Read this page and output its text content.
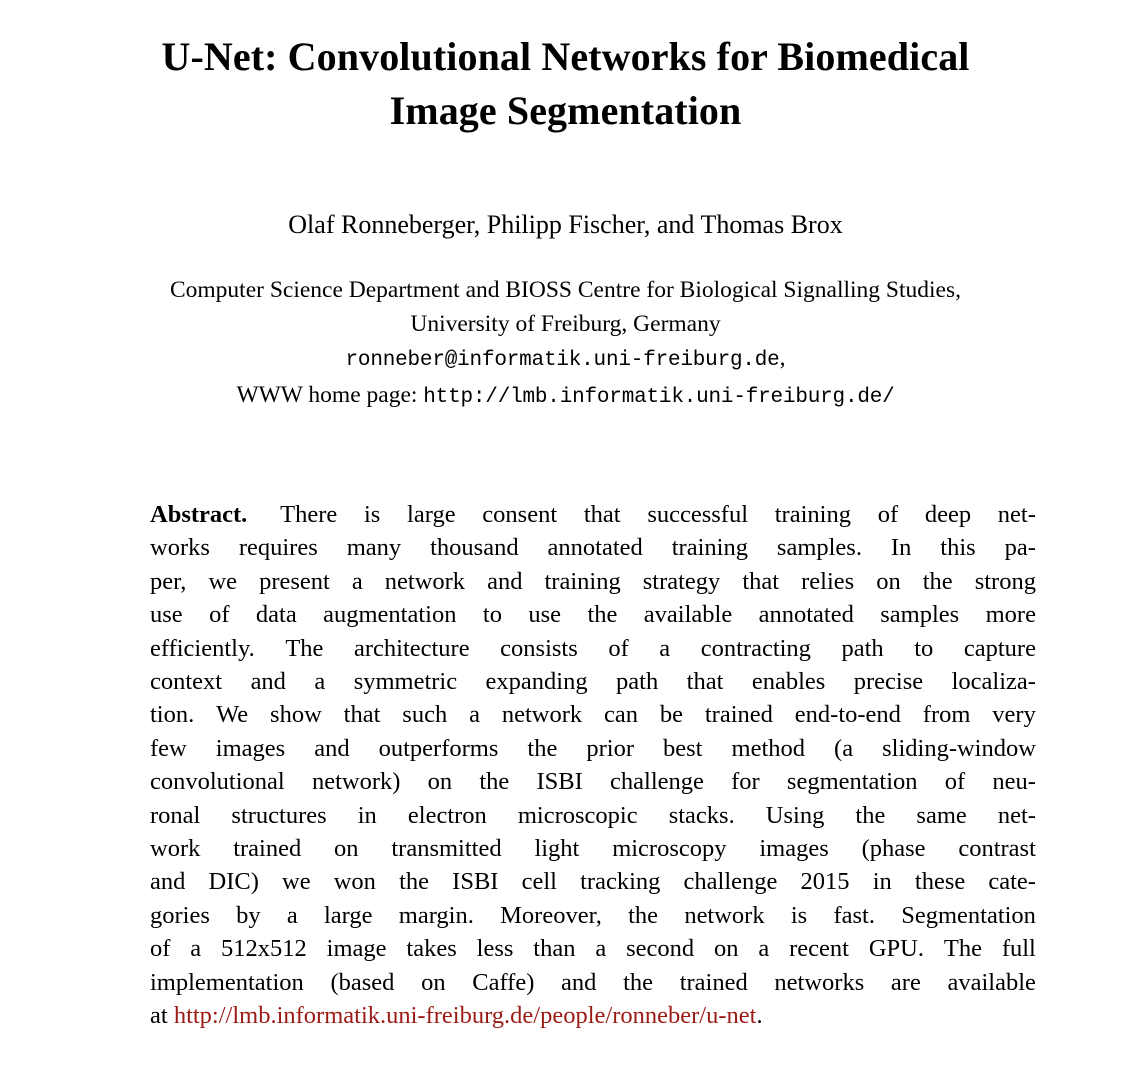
U-Net: Convolutional Networks for Biomedical
Image Segmentation
Olaf Ronneberger, Philipp Fischer, and Thomas Brox
Computer Science Department and BIOSS Centre for Biological Signalling Studies,
University of Freiburg, Germany
ronneber@informatik.uni-freiburg.de,
WWW home page: http://lmb.informatik.uni-freiburg.de/
Abstract. There is large consent that successful training of deep net-
works requires many thousand annotated training samples. In this pa-
per, we present a network and training strategy that relies on the strong
use of data augmentation to use the available annotated samples more
efficiently. The architecture consists of a contracting path to capture
context and a symmetric expanding path that enables precise localiza-
tion. We show that such a network can be trained end-to-end from very
few images and outperforms the prior best method (a sliding-window
convolutional network) on the ISBI challenge for segmentation of neu-
ronal structures in electron microscopic stacks. Using the same net-
work trained on transmitted light microscopy images (phase contrast
and DIC) we won the ISBI cell tracking challenge 2015 in these cate-
gories by a large margin. Moreover, the network is fast. Segmentation
of a 512x512 image takes less than a second on a recent GPU. The full
implementation (based on Caffe) and the trained networks are available
at http://lmb.informatik.uni-freiburg.de/people/ronneber/u-net .
